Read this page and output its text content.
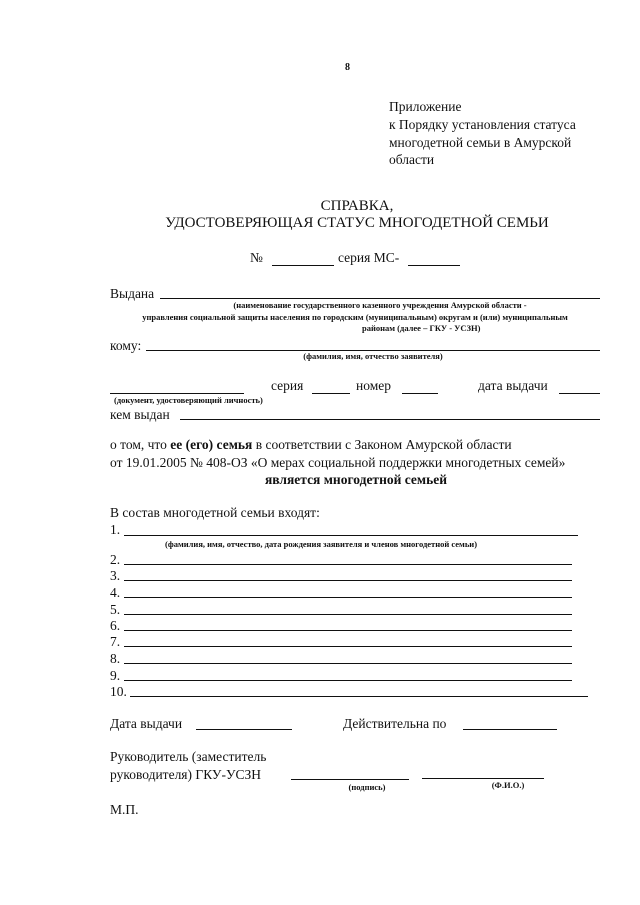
8
Приложение
к Порядку установления статуса
многодетной семьи в Амурской
области
СПРАВКА,
УДОСТОВЕРЯЮЩАЯ СТАТУС МНОГОДЕТНОЙ СЕМЬИ
№	серия МС-
Выдана
(наименование государственного казенного учреждения Амурской области -
управления социальной защиты населения по городским (муниципальным) округам и (или) муниципальным
районам (далее – ГКУ - УСЗН)
кому:
(фамилия, имя, отчество заявителя)
серия	номер	дата выдачи
(документ, удостоверяющий личность)
кем выдан
о том, что ее (его) семья в соответствии с Законом Амурской области
от 19.01.2005 № 408-ОЗ «О мерах социальной поддержки многодетных семей»
является многодетной семьей
В состав многодетной семьи входят:
1.
(фамилия, имя, отчество, дата рождения заявителя и членов многодетной семьи)
2.
3.
4.
5.
6.
7.
8.
9.
10.
Дата выдачи	Действительна по
Руководитель (заместитель
руководителя) ГКУ-УСЗН
(подпись)	(Ф.И.О.)
М.П.
